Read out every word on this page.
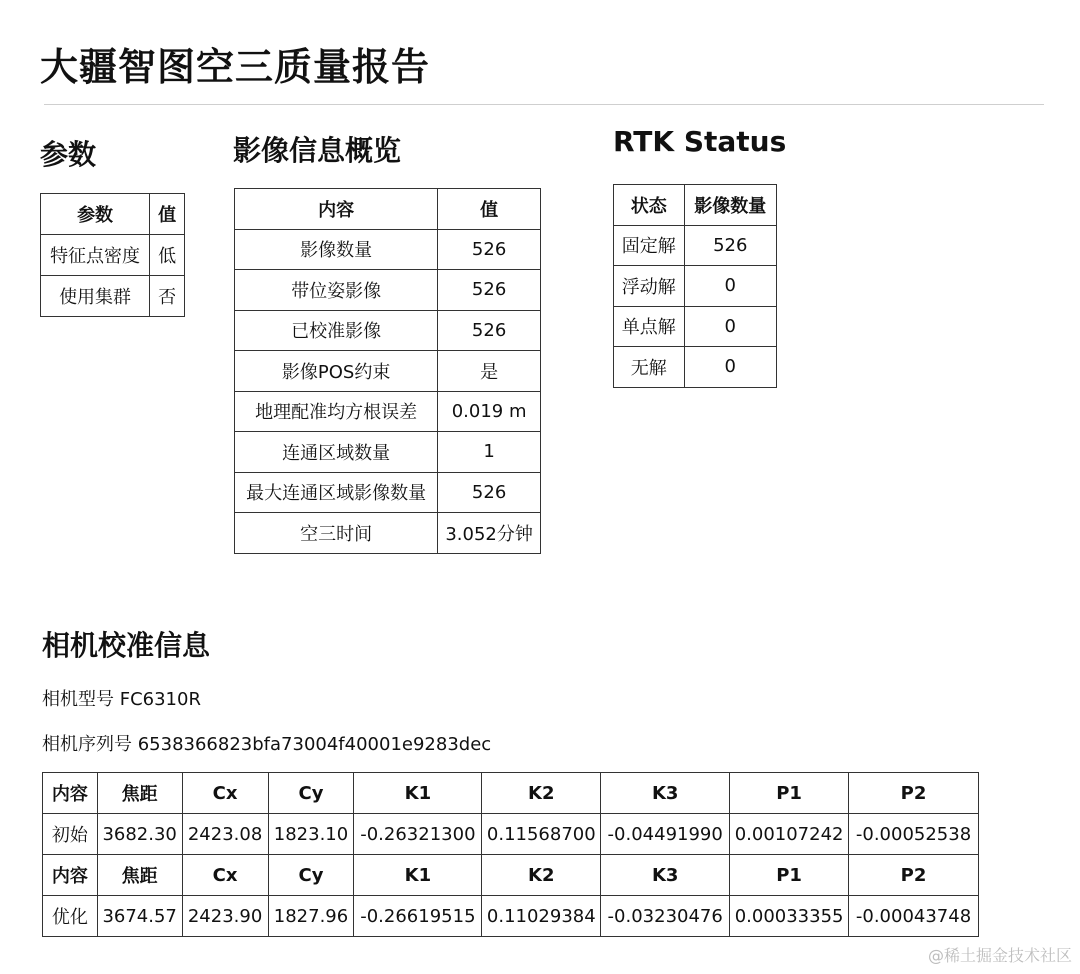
大疆智图空三质量报告
参数
参数	值
特征点密度	低
使用集群	否
影像信息概览
内容	值
影像数量	526
带位姿影像	526
已校准影像	526
影像POS约束	是
地理配准均方根误差	0.019 m
连通区域数量	1
最大连通区域影像数量	526
空三时间	3.052分钟
RTK Status
状态	影像数量
固定解	526
浮动解	0
单点解	0
无解	0
相机校准信息
相机型号 FC6310R
相机序列号 6538366823bfa73004f40001e9283dec
内容	焦距	Cx	Cy	K1	K2	K3	P1	P2
初始	3682.30	2423.08	1823.10	-0.26321300	0.11568700	-0.04491990	0.00107242	-0.00052538
内容	焦距	Cx	Cy	K1	K2	K3	P1	P2
优化	3674.57	2423.90	1827.96	-0.26619515	0.11029384	-0.03230476	0.00033355	-0.00043748
@稀土掘金技术社区
